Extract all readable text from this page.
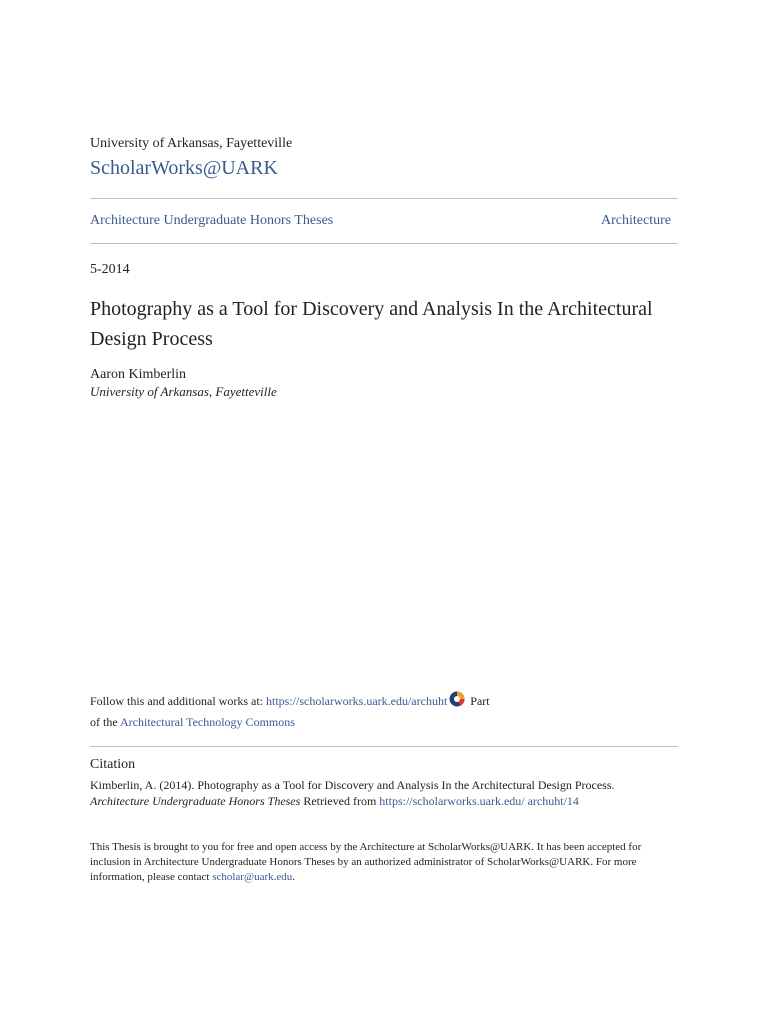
University of Arkansas, Fayetteville
ScholarWorks@UARK
Architecture Undergraduate Honors Theses	Architecture
5-2014
Photography as a Tool for Discovery and Analysis In the Architectural Design Process
Aaron Kimberlin
University of Arkansas, Fayetteville
Follow this and additional works at: https://scholarworks.uark.edu/archuht Part
of the Architectural Technology Commons
Citation
Kimberlin, A. (2014). Photography as a Tool for Discovery and Analysis In the Architectural Design Process.
Architecture Undergraduate Honors Theses Retrieved from https://scholarworks.uark.edu/ archuht/14
This Thesis is brought to you for free and open access by the Architecture at ScholarWorks@UARK. It has been accepted for inclusion in Architecture Undergraduate Honors Theses by an authorized administrator of ScholarWorks@UARK. For more information, please contact scholar@uark.edu.
